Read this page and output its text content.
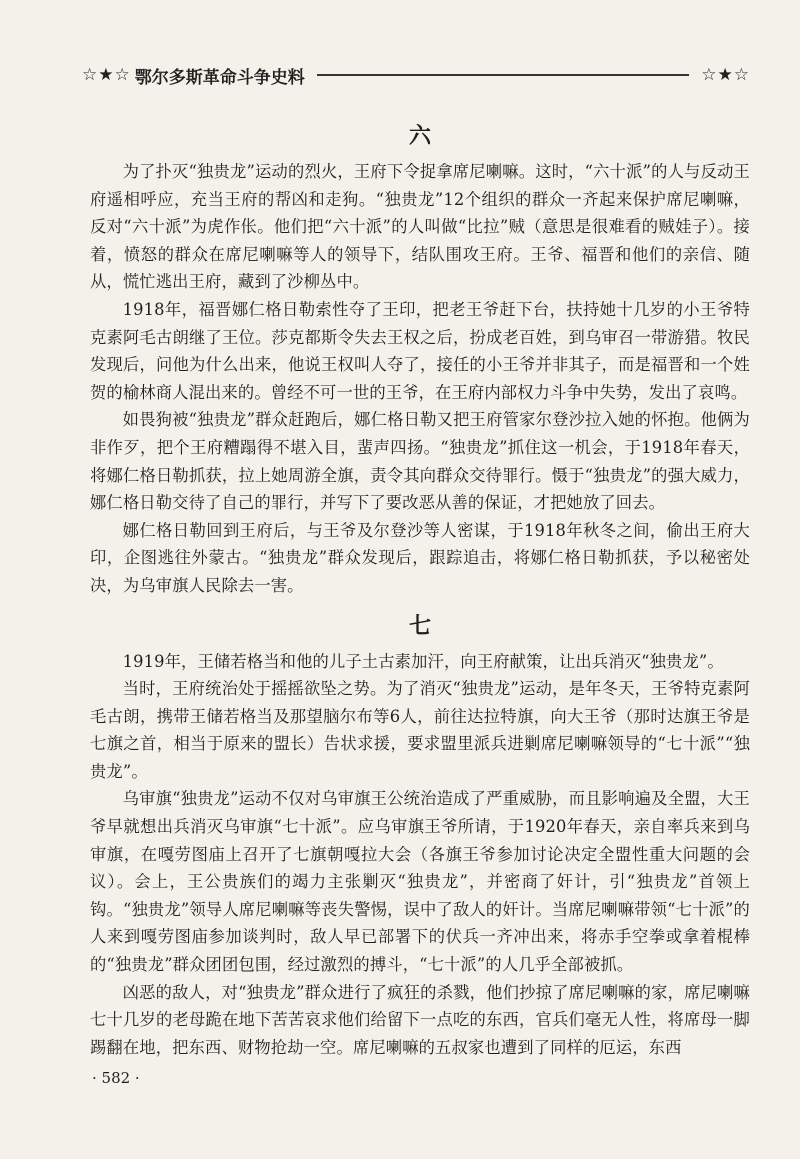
☆★☆ 鄂尔多斯革命斗争史料	☆★☆
六

为了扑灭“独贵龙”运动的烈火，王府下令捉拿席尼喇嘛。这时，“六十派”的人与反动王府遥相呼应，充当王府的帮凶和走狗。“独贵龙”12个组织的群众一齐起来保护席尼喇嘛，反对“六十派”为虎作伥。他们把“六十派”的人叫做“比拉”贼（意思是很难看的贼娃子）。接着，愤怒的群众在席尼喇嘛等人的领导下，结队围攻王府。王爷、福晋和他们的亲信、随从，慌忙逃出王府，藏到了沙柳丛中。

1918年，福晋娜仁格日勒索性夺了王印，把老王爷赶下台，扶持她十几岁的小王爷特克素阿毛古朗继了王位。莎克都斯令失去王权之后，扮成老百姓，到乌审召一带游猎。牧民发现后，问他为什么出来，他说王权叫人夺了，接任的小王爷并非其子，而是福晋和一个姓贺的榆林商人混出来的。曾经不可一世的王爷，在王府内部权力斗争中失势，发出了哀鸣。

如畏狗被“独贵龙”群众赶跑后，娜仁格日勒又把王府管家尔登沙拉入她的怀抱。他俩为非作歹，把个王府糟蹋得不堪入目，蜚声四扬。“独贵龙”抓住这一机会，于1918年春天，将娜仁格日勒抓获，拉上她周游全旗，责令其向群众交待罪行。慑于“独贵龙”的强大威力，娜仁格日勒交待了自己的罪行，并写下了要改恶从善的保证，才把她放了回去。

娜仁格日勒回到王府后，与王爷及尔登沙等人密谋，于1918年秋冬之间，偷出王府大印，企图逃往外蒙古。“独贵龙”群众发现后，跟踪追击，将娜仁格日勒抓获，予以秘密处决，为乌审旗人民除去一害。

七

1919年，王储若格当和他的儿子土古素加汗，向王府献策，让出兵消灭“独贵龙”。

当时，王府统治处于摇摇欲坠之势。为了消灭“独贵龙”运动，是年冬天，王爷特克素阿毛古朗，携带王储若格当及那望脑尔布等6人，前往达拉特旗，向大王爷（那时达旗王爷是七旗之首，相当于原来的盟长）告状求援，要求盟里派兵进剿席尼喇嘛领导的“七十派”“独贵龙”。

乌审旗“独贵龙”运动不仅对乌审旗王公统治造成了严重威胁，而且影响遍及全盟，大王爷早就想出兵消灭乌审旗“七十派”。应乌审旗王爷所请，于1920年春天，亲自率兵来到乌审旗，在嘎劳图庙上召开了七旗朝嘎拉大会（各旗王爷参加讨论决定全盟性重大问题的会议）。会上，王公贵族们的竭力主张剿灭“独贵龙”，并密商了奸计，引“独贵龙”首领上钩。“独贵龙”领导人席尼喇嘛等丧失警惕，误中了敌人的奸计。当席尼喇嘛带领“七十派”的人来到嘎劳图庙参加谈判时，敌人早已部署下的伏兵一齐冲出来，将赤手空拳或拿着棍棒的“独贵龙”群众团团包围，经过激烈的搏斗，“七十派”的人几乎全部被抓。

凶恶的敌人，对“独贵龙”群众进行了疯狂的杀戮，他们抄掠了席尼喇嘛的家，席尼喇嘛七十几岁的老母跪在地下苦苦哀求他们给留下一点吃的东西，官兵们毫无人性，将席母一脚踢翻在地，把东西、财物抢劫一空。席尼喇嘛的五叔家也遭到了同样的厄运，东西

· 582 ·
